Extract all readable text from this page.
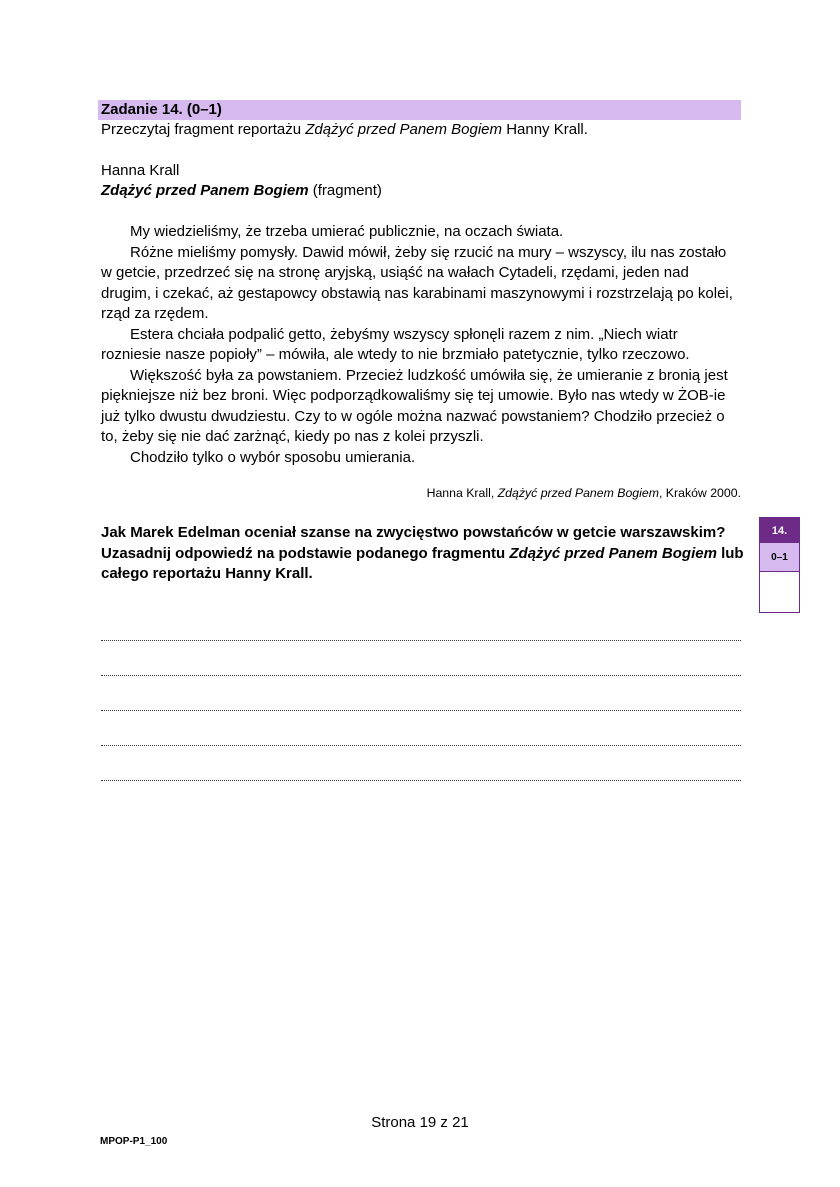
Zadanie 14. (0–1)
Przeczytaj fragment reportażu Zdążyć przed Panem Bogiem Hanny Krall.
Hanna Krall
Zdążyć przed Panem Bogiem (fragment)

My wiedzieliśmy, że trzeba umierać publicznie, na oczach świata.

Różne mieliśmy pomysły. Dawid mówił, żeby się rzucić na mury – wszyscy, ilu nas zostało w getcie, przedrzeć się na stronę aryjską, usiąść na wałach Cytadeli, rzędami, jeden nad drugim, i czekać, aż gestapowcy obstawią nas karabinami maszynowymi i rozstrzelają po kolei, rząd za rzędem.

Estera chciała podpalić getto, żebyśmy wszyscy spłonęli razem z nim. „Niech wiatr rozniesie nasze popioły” – mówiła, ale wtedy to nie brzmiało patetycznie, tylko rzeczowo.

Większość była za powstaniem. Przecież ludzkość umówiła się, że umieranie z bronią jest piękniejsze niż bez broni. Więc podporządkowaliśmy się tej umowie. Było nas wtedy w ŻOB-ie już tylko dwustu dwudziestu. Czy to w ogóle można nazwać powstaniem? Chodziło przecież o to, żeby się nie dać zarżnąć, kiedy po nas z kolei przyszli.

Chodziło tylko o wybór sposobu umierania.

Hanna Krall, Zdążyć przed Panem Bogiem, Kraków 2000.
Jak Marek Edelman oceniał szanse na zwycięstwo powstańców w getcie warszawskim? Uzasadnij odpowiedź na podstawie podanego fragmentu Zdążyć przed Panem Bogiem lub całego reportażu Hanny Krall.
14.
0–1
Strona 19 z 21
MPOP-P1_100
